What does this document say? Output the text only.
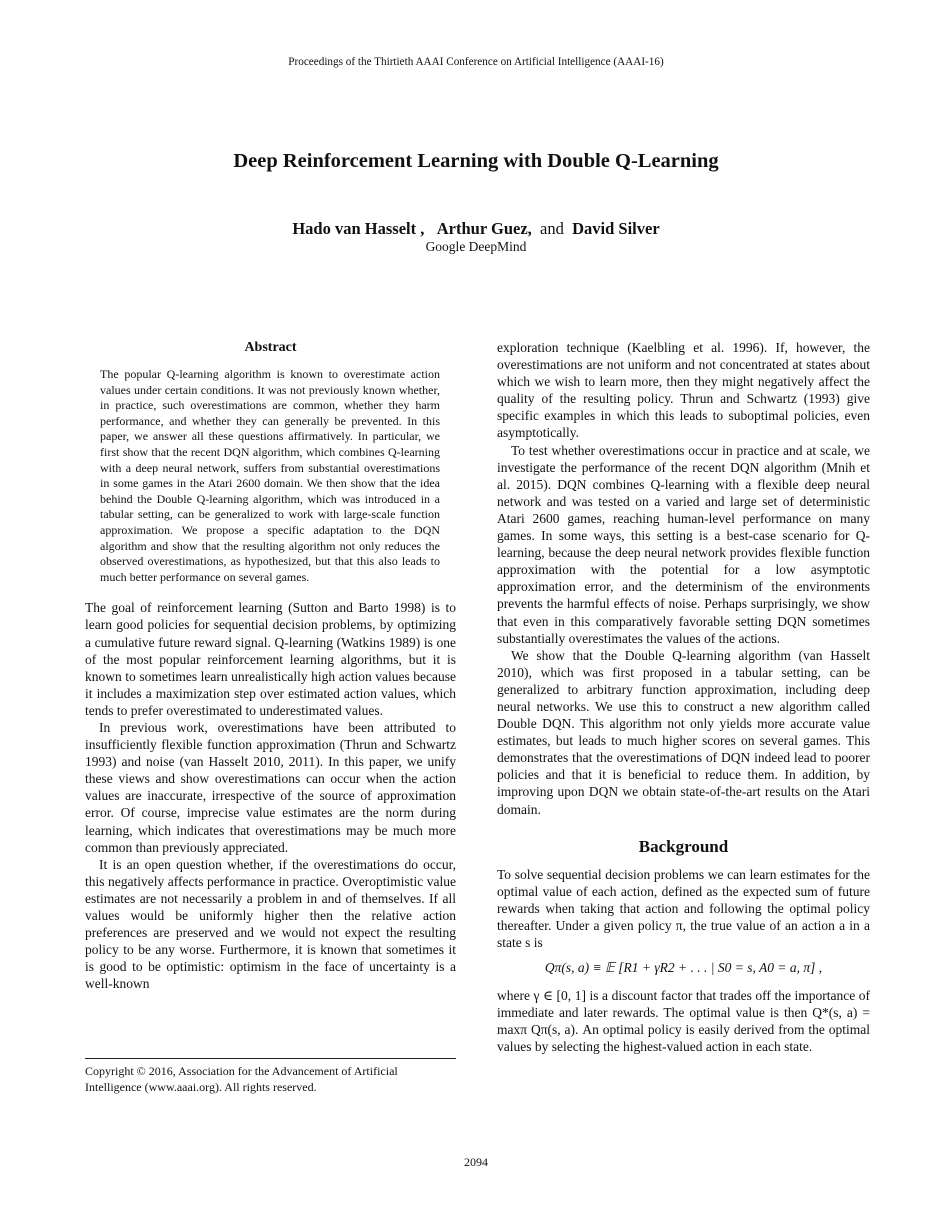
Proceedings of the Thirtieth AAAI Conference on Artificial Intelligence (AAAI-16)
Deep Reinforcement Learning with Double Q-Learning
Hado van Hasselt , Arthur Guez, and David Silver
Google DeepMind
Abstract

The popular Q-learning algorithm is known to overestimate action values under certain conditions. It was not previously known whether, in practice, such overestimations are common, whether they harm performance, and whether they can generally be prevented. In this paper, we answer all these questions affirmatively. In particular, we first show that the recent DQN algorithm, which combines Q-learning with a deep neural network, suffers from substantial overestimations in some games in the Atari 2600 domain. We then show that the idea behind the Double Q-learning algorithm, which was introduced in a tabular setting, can be generalized to work with large-scale function approximation. We propose a specific adaptation to the DQN algorithm and show that the resulting algorithm not only reduces the observed overestimations, as hypothesized, but that this also leads to much better performance on several games.

The goal of reinforcement learning (Sutton and Barto 1998) is to learn good policies for sequential decision problems, by optimizing a cumulative future reward signal. Q-learning (Watkins 1989) is one of the most popular reinforcement learning algorithms, but it is known to sometimes learn unrealistically high action values because it includes a maximization step over estimated action values, which tends to prefer overestimated to underestimated values.

In previous work, overestimations have been attributed to insufficiently flexible function approximation (Thrun and Schwartz 1993) and noise (van Hasselt 2010, 2011). In this paper, we unify these views and show overestimations can occur when the action values are inaccurate, irrespective of the source of approximation error. Of course, imprecise value estimates are the norm during learning, which indicates that overestimations may be much more common than previously appreciated.

It is an open question whether, if the overestimations do occur, this negatively affects performance in practice. Overoptimistic value estimates are not necessarily a problem in and of themselves. If all values would be uniformly higher then the relative action preferences are preserved and we would not expect the resulting policy to be any worse. Furthermore, it is known that sometimes it is good to be optimistic: optimism in the face of uncertainty is a well-known

Copyright © 2016, Association for the Advancement of Artificial Intelligence (www.aaai.org). All rights reserved.

exploration technique (Kaelbling et al. 1996). If, however, the overestimations are not uniform and not concentrated at states about which we wish to learn more, then they might negatively affect the quality of the resulting policy. Thrun and Schwartz (1993) give specific examples in which this leads to suboptimal policies, even asymptotically.

To test whether overestimations occur in practice and at scale, we investigate the performance of the recent DQN algorithm (Mnih et al. 2015). DQN combines Q-learning with a flexible deep neural network and was tested on a varied and large set of deterministic Atari 2600 games, reaching human-level performance on many games. In some ways, this setting is a best-case scenario for Q-learning, because the deep neural network provides flexible function approximation with the potential for a low asymptotic approximation error, and the determinism of the environments prevents the harmful effects of noise. Perhaps surprisingly, we show that even in this comparatively favorable setting DQN sometimes substantially overestimates the values of the actions.

We show that the Double Q-learning algorithm (van Hasselt 2010), which was first proposed in a tabular setting, can be generalized to arbitrary function approximation, including deep neural networks. We use this to construct a new algorithm called Double DQN. This algorithm not only yields more accurate value estimates, but leads to much higher scores on several games. This demonstrates that the overestimations of DQN indeed lead to poorer policies and that it is beneficial to reduce them. In addition, by improving upon DQN we obtain state-of-the-art results on the Atari domain.

Background

To solve sequential decision problems we can learn estimates for the optimal value of each action, defined as the expected sum of future rewards when taking that action and following the optimal policy thereafter. Under a given policy π, the true value of an action a in a state s is

Qπ(s, a) ≡ 𝔼 [R1 + γR2 + . . . | S0 = s, A0 = a, π] ,

where γ ∈ [0, 1] is a discount factor that trades off the importance of immediate and later rewards. The optimal value is then Q*(s, a) = maxπ Qπ(s, a). An optimal policy is easily derived from the optimal values by selecting the highest-valued action in each state.

2094
